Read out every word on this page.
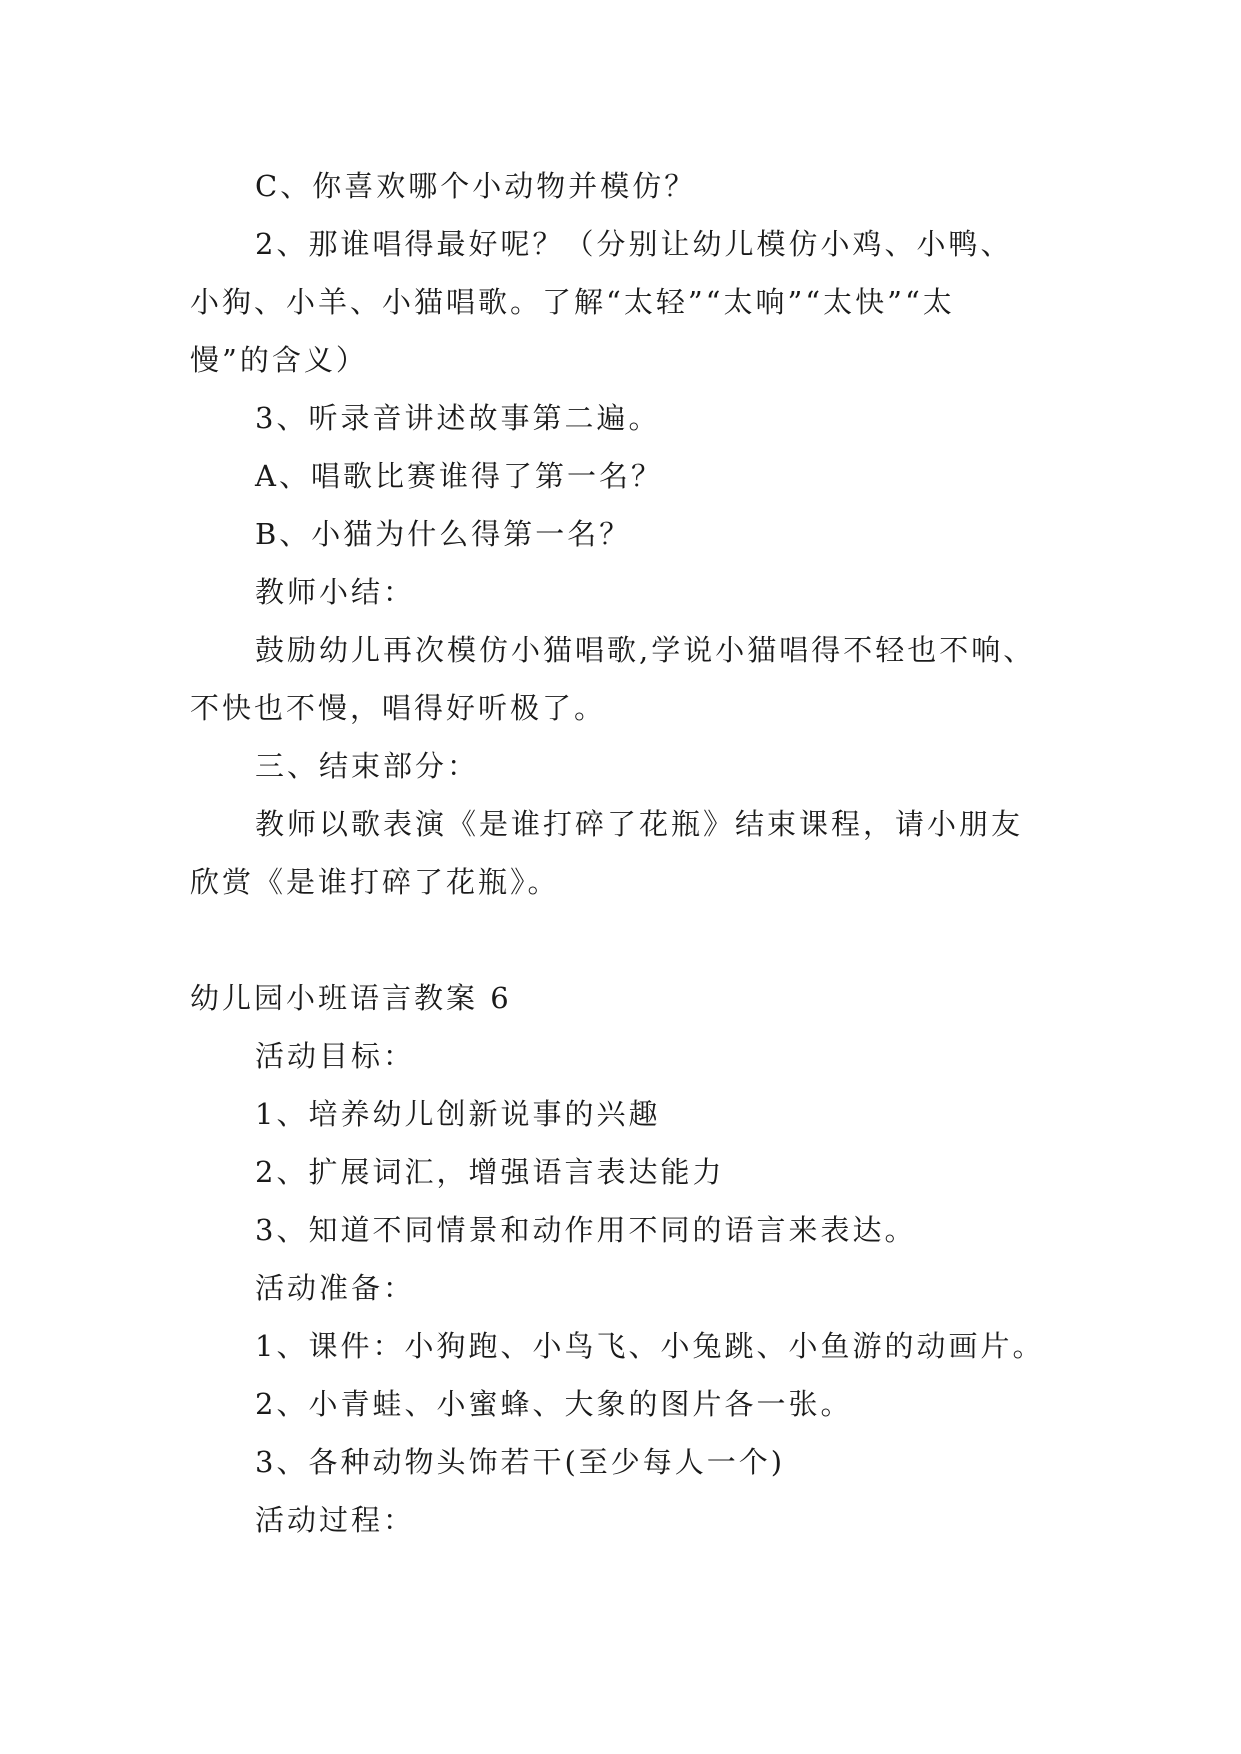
C、你喜欢哪个小动物并模仿？
2、那谁唱得最好呢？（分别让幼儿模仿小鸡、小鸭、
小狗、小羊、小猫唱歌。了解“太轻”“太响”“太快”“太
慢”的含义）
3、听录音讲述故事第二遍。
A、唱歌比赛谁得了第一名？
B、小猫为什么得第一名？
教师小结：
鼓励幼儿再次模仿小猫唱歌,学说小猫唱得不轻也不响、
不快也不慢，唱得好听极了。
三、结束部分：
教师以歌表演《是谁打碎了花瓶》结束课程，请小朋友
欣赏《是谁打碎了花瓶》。
幼儿园小班语言教案 6
活动目标：
1、培养幼儿创新说事的兴趣
2、扩展词汇，增强语言表达能力
3、知道不同情景和动作用不同的语言来表达。
活动准备：
1、课件：小狗跑、小鸟飞、小兔跳、小鱼游的动画片。
2、小青蛙、小蜜蜂、大象的图片各一张。
3、各种动物头饰若干(至少每人一个)
活动过程：
